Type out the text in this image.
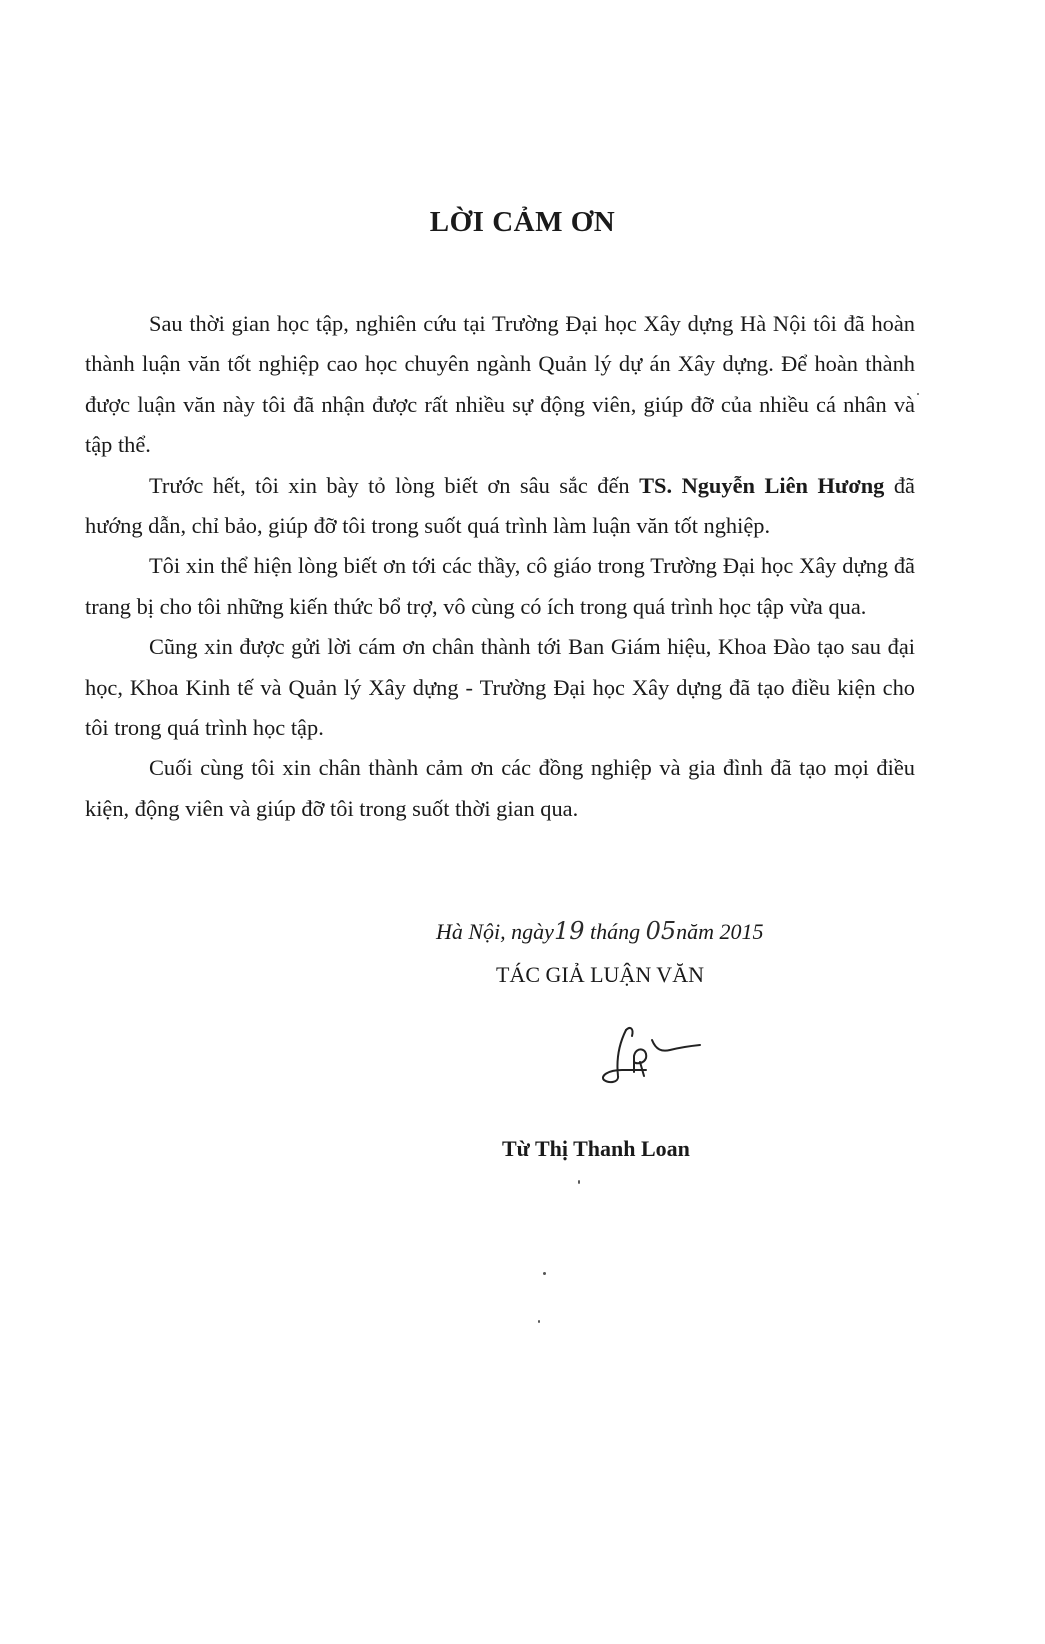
LỜI CẢM ƠN

Sau thời gian học tập, nghiên cứu tại Trường Đại học Xây dựng Hà Nội tôi đã hoàn thành luận văn tốt nghiệp cao học chuyên ngành Quản lý dự án Xây dựng. Để hoàn thành được luận văn này tôi đã nhận được rất nhiều sự động viên, giúp đỡ của nhiều cá nhân và tập thể.

Trước hết, tôi xin bày tỏ lòng biết ơn sâu sắc đến TS. Nguyễn Liên Hương đã hướng dẫn, chỉ bảo, giúp đỡ tôi trong suốt quá trình làm luận văn tốt nghiệp.

Tôi xin thể hiện lòng biết ơn tới các thầy, cô giáo trong Trường Đại học Xây dựng đã trang bị cho tôi những kiến thức bổ trợ, vô cùng có ích trong quá trình học tập vừa qua.

Cũng xin được gửi lời cám ơn chân thành tới Ban Giám hiệu, Khoa Đào tạo sau đại học, Khoa Kinh tế và Quản lý Xây dựng - Trường Đại học Xây dựng đã tạo điều kiện cho tôi trong quá trình học tập.

Cuối cùng tôi xin chân thành cảm ơn các đồng nghiệp và gia đình đã tạo mọi điều kiện, động viên và giúp đỡ tôi trong suốt thời gian qua.

Hà Nội, ngày19 tháng 05năm 2015
TÁC GIẢ LUẬN VĂN
Từ Thị Thanh Loan
